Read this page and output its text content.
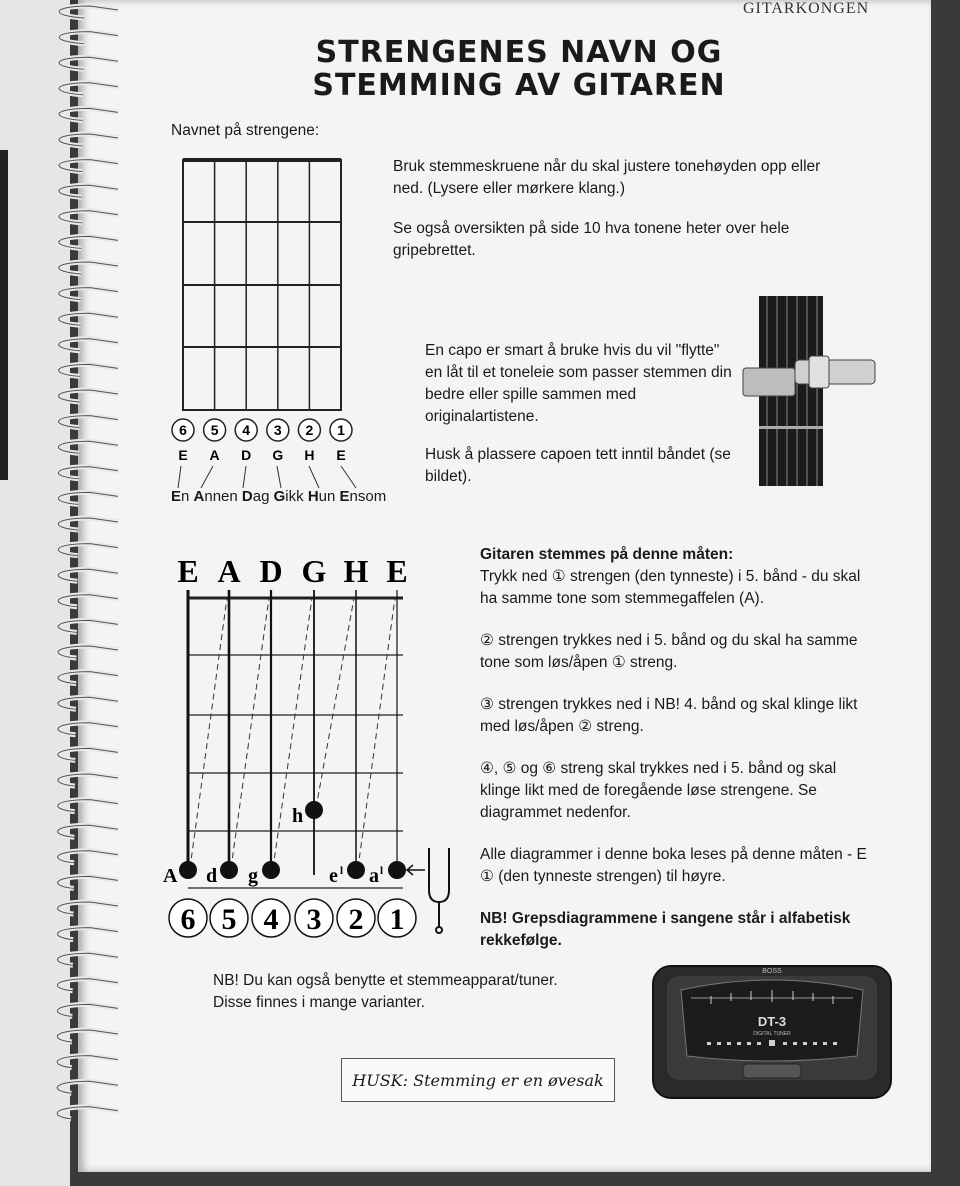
GITARKONGEN
STRENGENES NAVN OG
STEMMING AV GITAREN
Navnet på strengene:
6 5 4 3 2 1
E A D G H E
En Annen Dag Gikk Hun Ensom

Bruk stemmeskruene når du skal justere tonehøyden opp eller ned. (Lysere eller mørkere klang.)

Se også oversikten på side 10 hva tonene heter over hele gripebrettet.

En capo er smart å bruke hvis du vil "flytte" en låt til et toneleie som passer stemmen din bedre eller spille sammen med originalartistene.

Husk å plassere capoen tett inntil båndet (se bildet).

E A D G H E
A d g
h
e l a l
6 5 4 3 2 1
Gitaren stemmes på denne måten:

Trykk ned ① strengen (den tynneste) i 5. bånd - du skal ha samme tone som stemmegaffelen (A).

② strengen trykkes ned i 5. bånd og du skal ha samme tone som løs/åpen ① streng.

③ strengen trykkes ned i NB! 4. bånd og skal klinge likt med løs/åpen ② streng.

④, ⑤ og ⑥ streng skal trykkes ned i 5. bånd og skal klinge likt med de foregående løse strengene. Se diagrammet nedenfor.

Alle diagrammer i denne boka leses på denne måten - E ① (den tynneste strengen) til høyre.

NB! Grepsdiagrammene i sangene står i alfabetisk rekkefølge.

NB! Du kan også benytte et stemmeapparat/tuner.
Disse finnes i mange varianter.
BOSS
DT-3
DIGITAL TUNER
HUSK: Stemming er en øvesak
